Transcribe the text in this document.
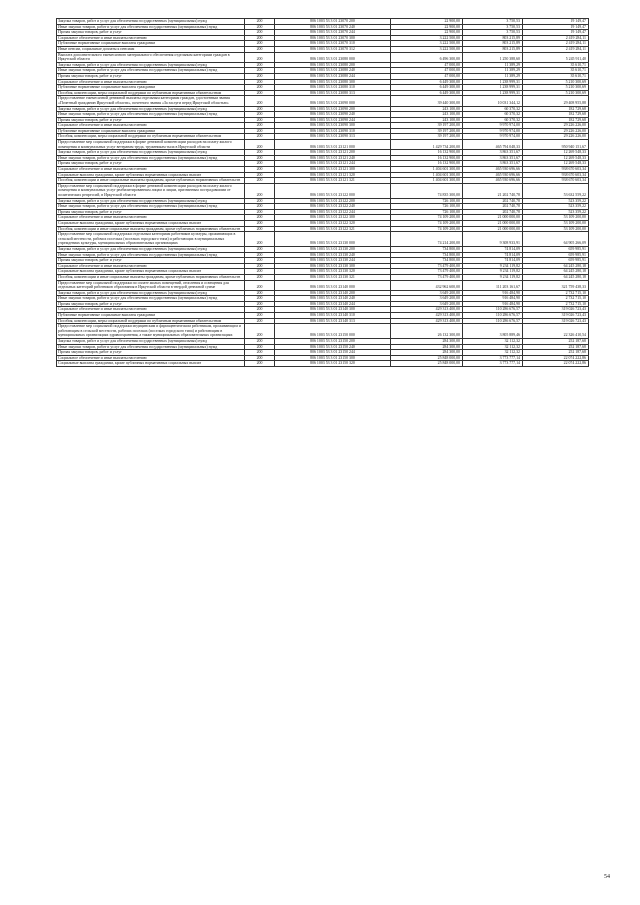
Закупка товаров, работ и услуг для обеспечения государственных (муниципальных) нужд	200	806 1003 53 3 01 23070 200	22 900,00	3 750,53	19 149,47
Иные закупки товаров, работ и услуг для обеспечения государственных (муниципальных) нужд	200	806 1003 53 3 01 23070 240	22 900,00	3 750,53	19 149,47
Прочая закупка товаров, работ и услуг	200	806 1003 53 3 01 23070 244	22 900,00	3 750,53	19 149,47
Социальное обеспечение и иные выплаты населению	200	806 1003 53 3 01 23070 300	3 222 500,00	803 215,89	2 419 284,11
Публичные нормативные социальные выплаты гражданам	200	806 1003 53 3 01 23070 310	3 222 500,00	803 215,89	2 419 284,11
Иные пенсии, социальные доплаты к пенсиям	200	806 1003 53 3 01 23070 312	3 222 500,00	803 215,89	2 419 284,11
Выплата дополнительного ежемесячного материального обеспечения отдельным категориям граждан в Иркутской области	200	806 1003 53 3 01 23080 000	6 496 300,00	1 250 388,60	5 245 911,40
Закупка товаров, работ и услуг для обеспечения государственных (муниципальных) нужд	200	806 1003 53 3 01 23080 200	47 000,00	11 389,29	35 610,71
Иные закупки товаров, работ и услуг для обеспечения государственных (муниципальных) нужд	200	806 1003 53 3 01 23080 240	47 000,00	11 389,29	35 610,71
Прочая закупка товаров, работ и услуг	200	806 1003 53 3 01 23080 244	47 000,00	11 389,29	35 610,71
Социальное обеспечение и иные выплаты населению	200	806 1003 53 3 01 23080 300	6 449 300,00	1 238 999,31	5 210 300,69
Публичные нормативные социальные выплаты гражданам	200	806 1003 53 3 01 23080 310	6 449 300,00	1 238 999,31	5 210 300,69
Пособия, компенсации, меры социальной поддержки по публичным нормативным обязательствам	200	806 1003 53 3 01 23080 313	6 449 300,00	1 238 999,31	5 210 300,69
Предоставление ежемесячной денежной выплаты отдельным категориям граждан, удостоенным звания «Почетный гражданин Иркутской области», почетного звания «За заслуги перед Иркутской областью»	200	806 1003 53 3 01 23090 000	39 440 300,00	10 031 344,12	29 408 955,88
Закупка товаров, работ и услуг для обеспечения государственных (муниципальных) нужд	200	806 1003 53 3 01 23090 200	243 100,00	60 370,32	182 729,68
Иные закупки товаров, работ и услуг для обеспечения государственных (муниципальных) нужд	200	806 1003 53 3 01 23090 240	243 100,00	60 370,32	182 729,68
Прочая закупка товаров, работ и услуг	200	806 1003 53 3 01 23090 244	243 100,00	60 370,32	182 729,68
Социальное обеспечение и иные выплаты населению	200	806 1003 53 3 01 23090 300	39 197 200,00	9 970 974,00	29 226 226,00
Публичные нормативные социальные выплаты гражданам	200	806 1003 53 3 01 23090 310	39 197 200,00	9 970 974,00	29 226 226,00
Пособия, компенсации, меры социальной поддержки по публичным нормативным обязательствам	200	806 1003 53 3 01 23090 313	39 197 200,00	9 970 974,00	29 226 226,00
Предоставление мер социальной поддержки в форме денежной компенсации расходов на оплату жилого помещения и коммунальных услуг ветеранам труда, труженикам тыла в Иркутской области	200	806 1003 53 3 01 23121 000	1 429 734 200,00	465 794 048,33	950 940 151,67
Закупка товаров, работ и услуг для обеспечения государственных (муниципальных) нужд	200	806 1003 53 3 01 23121 200	16 132 900,00	3 863 351,67	12 269 548,33
Иные закупки товаров, работ и услуг для обеспечения государственных (муниципальных) нужд	200	806 1003 53 3 01 23121 240	16 132 900,00	3 863 351,67	12 269 548,33
Прочая закупка товаров, работ и услуг	200	806 1003 53 3 01 23121 244	16 132 900,00	3 863 351,67	12 269 548,33
Социальное обеспечение и иные выплаты населению	200	806 1003 53 3 01 23121 300	1 404 601 300,00	465 930 696,66	938 670 603,34
Социальные выплаты гражданам, кроме публичных нормативных социальных выплат	200	806 1003 53 3 01 23121 320	1 404 601 300,00	465 930 696,66	938 670 603,34
Пособия, компенсации и иные социальные выплаты гражданам, кроме публичных нормативных обязательств	200	806 1003 53 3 01 23121 321	1 404 601 300,00	465 930 696,66	938 670 603,34
Предоставление мер социальной поддержки в форме денежной компенсации расходов на оплату жилого помещения и коммунальных услуг реабилитированным лицам и лицам, признанным пострадавшими от политических репрессий, в Иркутской области	200	806 1003 53 3 01 23122 000	74 835 300,00	21 202 740,78	53 632 559,22
Закупка товаров, работ и услуг для обеспечения государственных (муниципальных) нужд	200	806 1003 53 3 01 23122 200	726 100,00	202 740,78	523 359,22
Иные закупки товаров, работ и услуг для обеспечения государственных (муниципальных) нужд	200	806 1003 53 3 01 23122 240	726 100,00	202 740,78	523 359,22
Прочая закупка товаров, работ и услуг	200	806 1003 53 3 01 23122 244	726 100,00	202 740,78	523 359,22
Социальное обеспечение и иные выплаты населению	200	806 1003 53 3 01 23122 300	74 109 200,00	21 000 000,00	53 109 200,00
Социальные выплаты гражданам, кроме публичных нормативных социальных выплат	200	806 1003 53 3 01 23122 320	74 109 200,00	21 000 000,00	53 109 200,00
Пособия, компенсации и иные социальные выплаты гражданам, кроме публичных нормативных обязательств	200	806 1003 53 3 01 23122 321	74 109 200,00	21 000 000,00	53 109 200,00
Предоставление мер социальной поддержки отдельным категориям работников культуры, проживающих в сельской местности, рабочих поселках (поселках городского типа) и работающих в муниципальных учреждениях культуры, муниципальных образовательных организациях	200	806 1003 53 3 01 23130 000	74 214 200,00	9 308 933,91	64 905 266,09
Закупка товаров, работ и услуг для обеспечения государственных (муниципальных) нужд	200	806 1003 53 3 01 23130 200	734 800,00	74 814,09	659 985,91
Иные закупки товаров, работ и услуг для обеспечения государственных (муниципальных) нужд	200	806 1003 53 3 01 23130 240	734 800,00	74 814,09	659 985,91
Прочая закупка товаров, работ и услуг	200	806 1003 53 3 01 23130 244	734 800,00	74 814,09	659 985,91
Социальное обеспечение и иные выплаты населению	200	806 1003 53 3 01 23130 300	73 479 400,00	9 234 119,82	64 245 280,18
Социальные выплаты гражданам, кроме публичных нормативных социальных выплат	200	806 1003 53 3 01 23130 320	73 479 400,00	9 234 119,82	64 245 280,18
Пособия, компенсации и иные социальные выплаты гражданам, кроме публичных нормативных обязательств	200	806 1003 53 3 01 23130 321	73 479 400,00	9 234 119,82	64 245 280,18
Предоставление мер социальной поддержки по оплате жилых помещений, отопления и освещения для отдельных категорий работников образования в Иркутской области в твердой денежной сумме	200	806 1003 53 3 01 23140 000	432 962 600,00	111 203 161,67	321 759 438,33
Закупка товаров, работ и услуг для обеспечения государственных (муниципальных) нужд	200	806 1003 53 3 01 23140 200	3 649 200,00	916 484,90	2 732 715,10
Иные закупки товаров, работ и услуг для обеспечения государственных (муниципальных) нужд	200	806 1003 53 3 01 23140 240	3 649 200,00	916 484,90	2 732 715,10
Прочая закупка товаров, работ и услуг	200	806 1003 53 3 01 23140 244	3 649 200,00	916 484,90	2 732 715,10
Социальное обеспечение и иные выплаты населению	200	806 1003 53 3 01 23140 300	429 313 400,00	110 286 676,57	319 026 723,43
Публичные нормативные социальные выплаты гражданам	200	806 1003 53 3 01 23140 310	429 313 400,00	110 286 676,57	319 026 723,43
Пособия, компенсации, меры социальной поддержки по публичным нормативным обязательствам	200	806 1003 53 3 01 23140 313	429 313 400,00	110 286 676,57	319 026 723,43
Предоставление мер социальной поддержки медицинским и фармацевтическим работникам, проживающим и работающим в сельской местности, рабочих поселках (поселках городского типа) и работающим в муниципальных организациях здравоохранения, а также муниципальных образовательных организациях	200	806 1003 53 3 01 23150 000	26 132 300,00	3 805 889,46	22 326 410,54
Закупка товаров, работ и услуг для обеспечения государственных (муниципальных) нужд	200	806 1003 53 3 01 23150 200	284 300,00	32 112,32	252 187,68
Иные закупки товаров, работ и услуг для обеспечения государственных (муниципальных) нужд	200	806 1003 53 3 01 23150 240	284 300,00	32 112,32	252 187,68
Прочая закупка товаров, работ и услуг	200	806 1003 53 3 01 23150 244	284 300,00	32 112,32	252 187,68
Социальное обеспечение и иные выплаты населению	200	806 1003 53 3 01 23150 300	25 848 000,00	3 773 777,14	22 074 222,86
Социальные выплаты гражданам, кроме публичных нормативных социальных выплат	200	806 1003 53 3 01 23150 320	25 848 000,00	3 773 777,14	22 074 222,86
54
